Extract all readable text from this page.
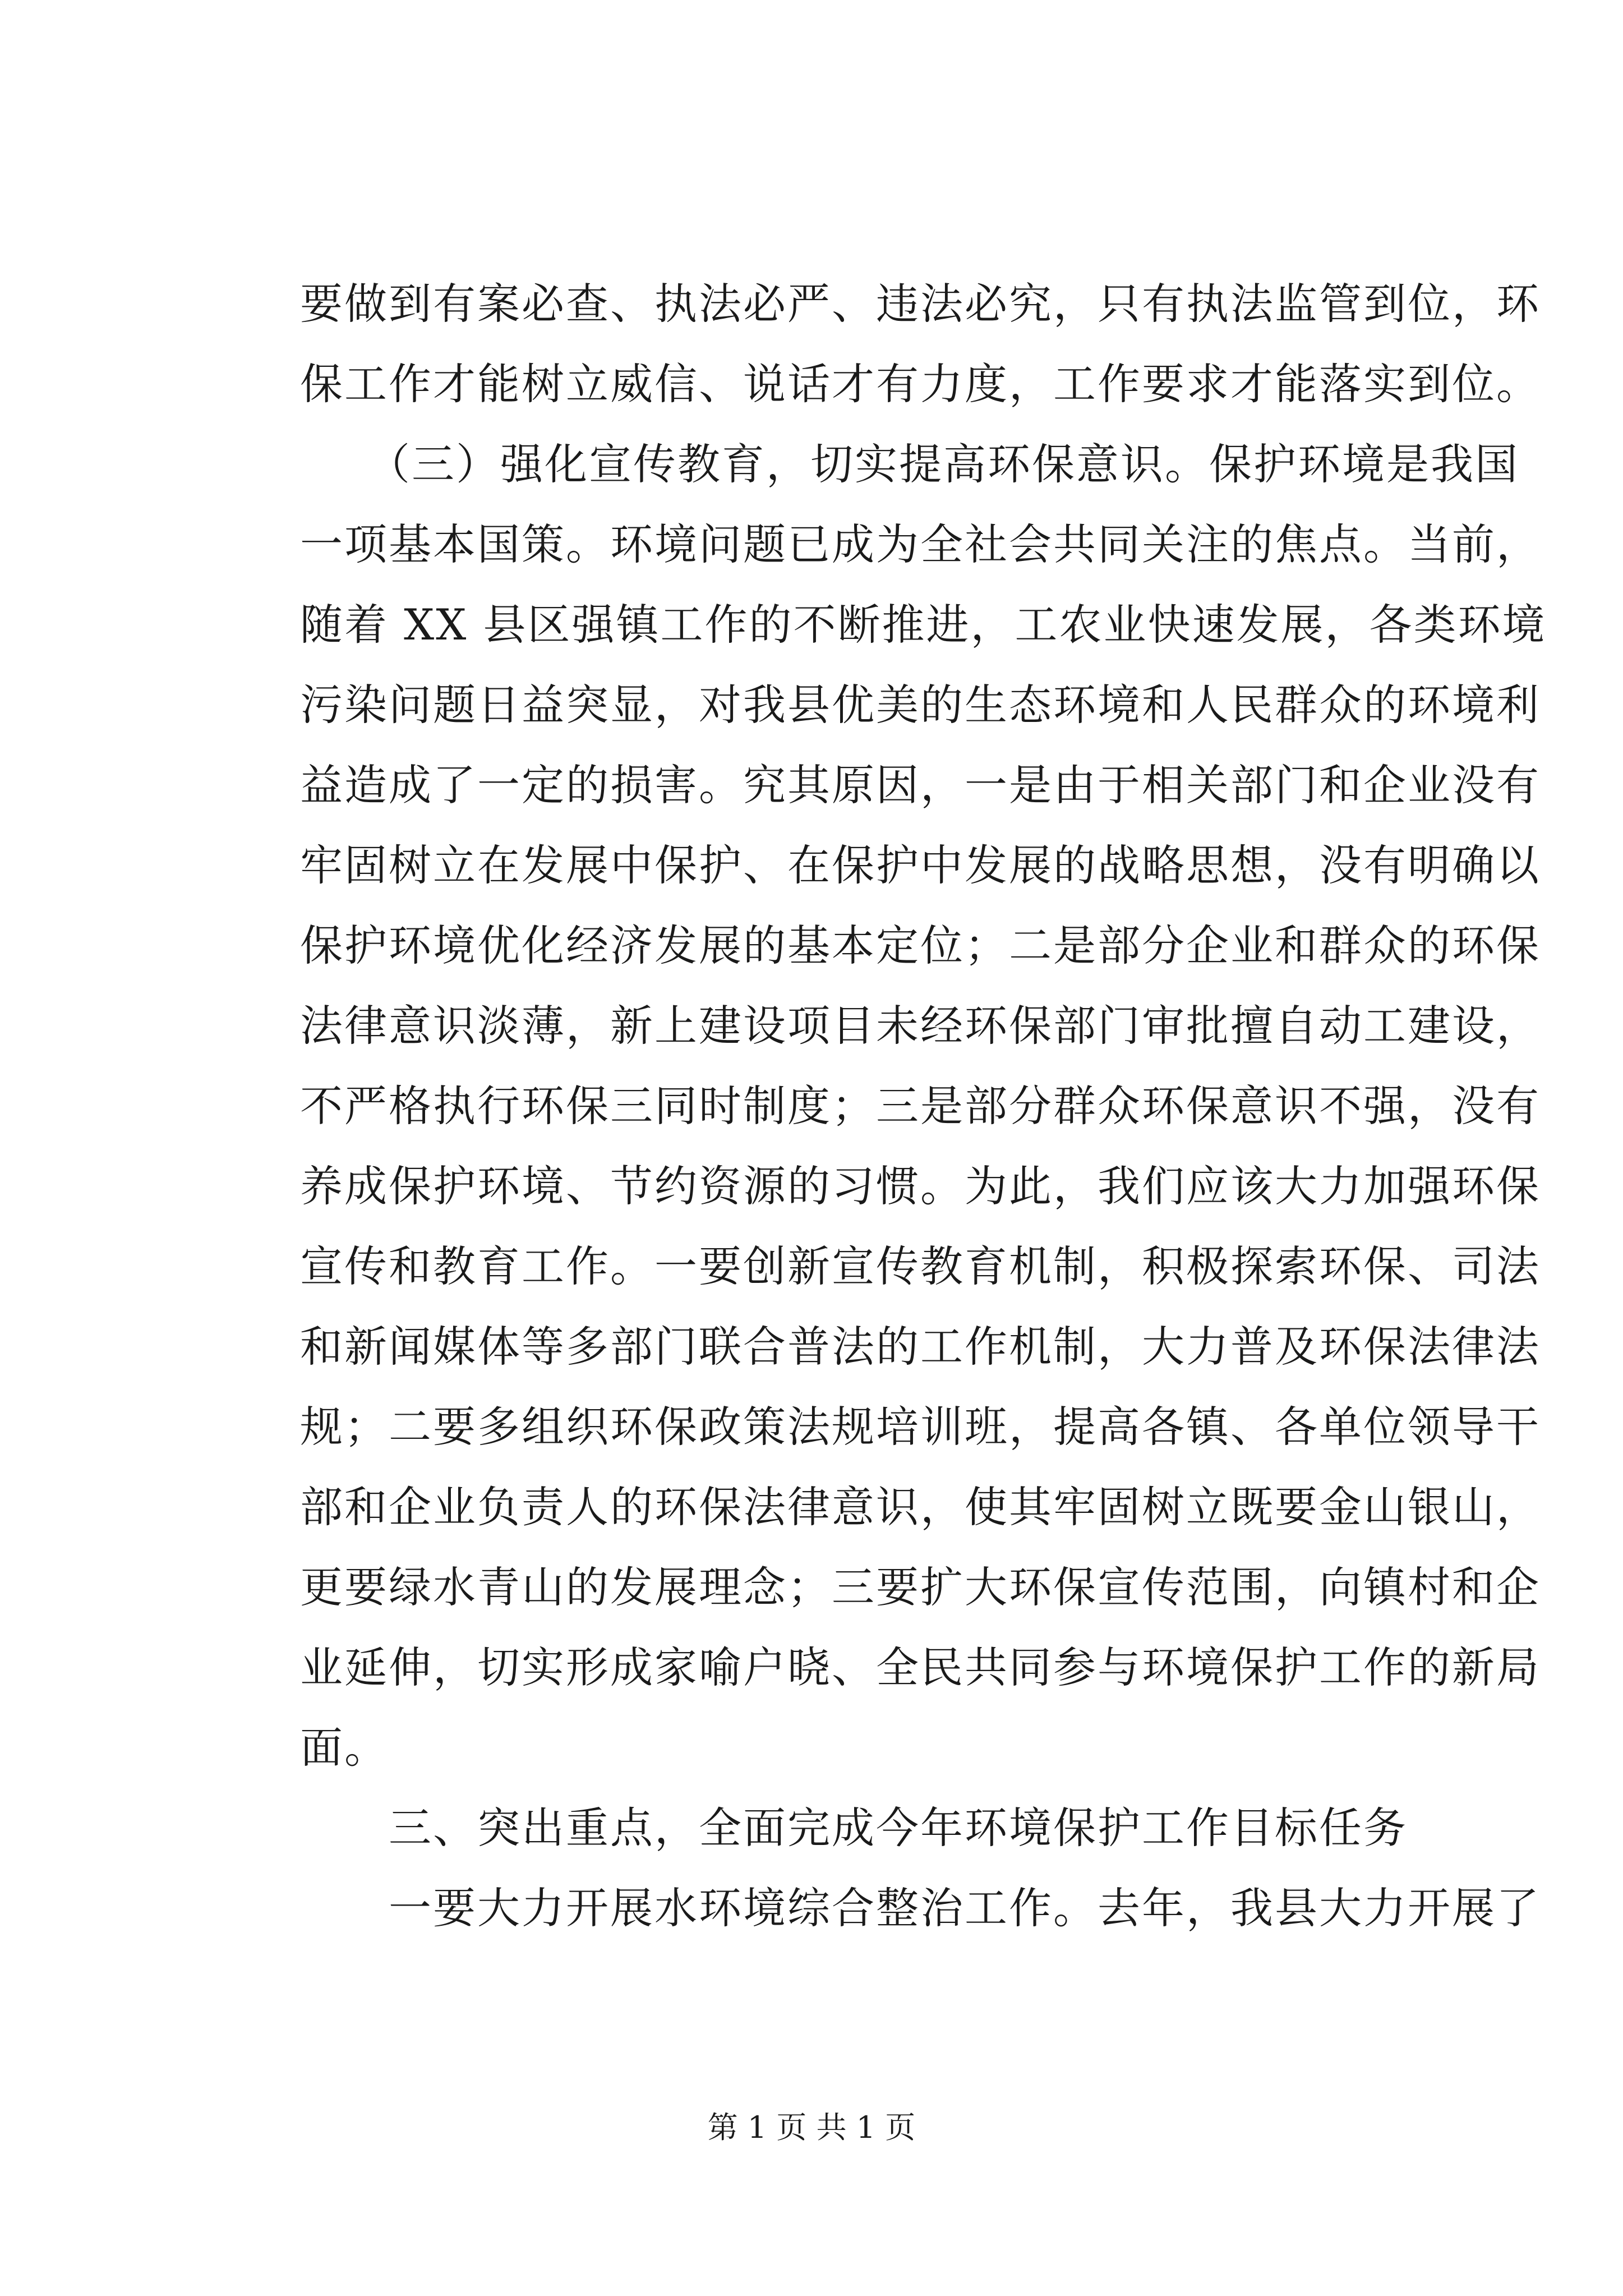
要做到有案必查、执法必严、违法必究，只有执法监管到位，环
保工作才能树立威信、说话才有力度，工作要求才能落实到位。
　　（三）强化宣传教育，切实提高环保意识。保护环境是我国
一项基本国策。环境问题已成为全社会共同关注的焦点。当前，
随着 XX 县区强镇工作的不断推进，工农业快速发展，各类环境
污染问题日益突显，对我县优美的生态环境和人民群众的环境利
益造成了一定的损害。究其原因，一是由于相关部门和企业没有
牢固树立在发展中保护、在保护中发展的战略思想，没有明确以
保护环境优化经济发展的基本定位；二是部分企业和群众的环保
法律意识淡薄，新上建设项目未经环保部门审批擅自动工建设，
不严格执行环保三同时制度；三是部分群众环保意识不强，没有
养成保护环境、节约资源的习惯。为此，我们应该大力加强环保
宣传和教育工作。一要创新宣传教育机制，积极探索环保、司法
和新闻媒体等多部门联合普法的工作机制，大力普及环保法律法
规；二要多组织环保政策法规培训班，提高各镇、各单位领导干
部和企业负责人的环保法律意识，使其牢固树立既要金山银山，
更要绿水青山的发展理念；三要扩大环保宣传范围，向镇村和企
业延伸，切实形成家喻户晓、全民共同参与环境保护工作的新局
面。
　　三、突出重点，全面完成今年环境保护工作目标任务
　　一要大力开展水环境综合整治工作。去年，我县大力开展了
第 1 页 共 1 页
